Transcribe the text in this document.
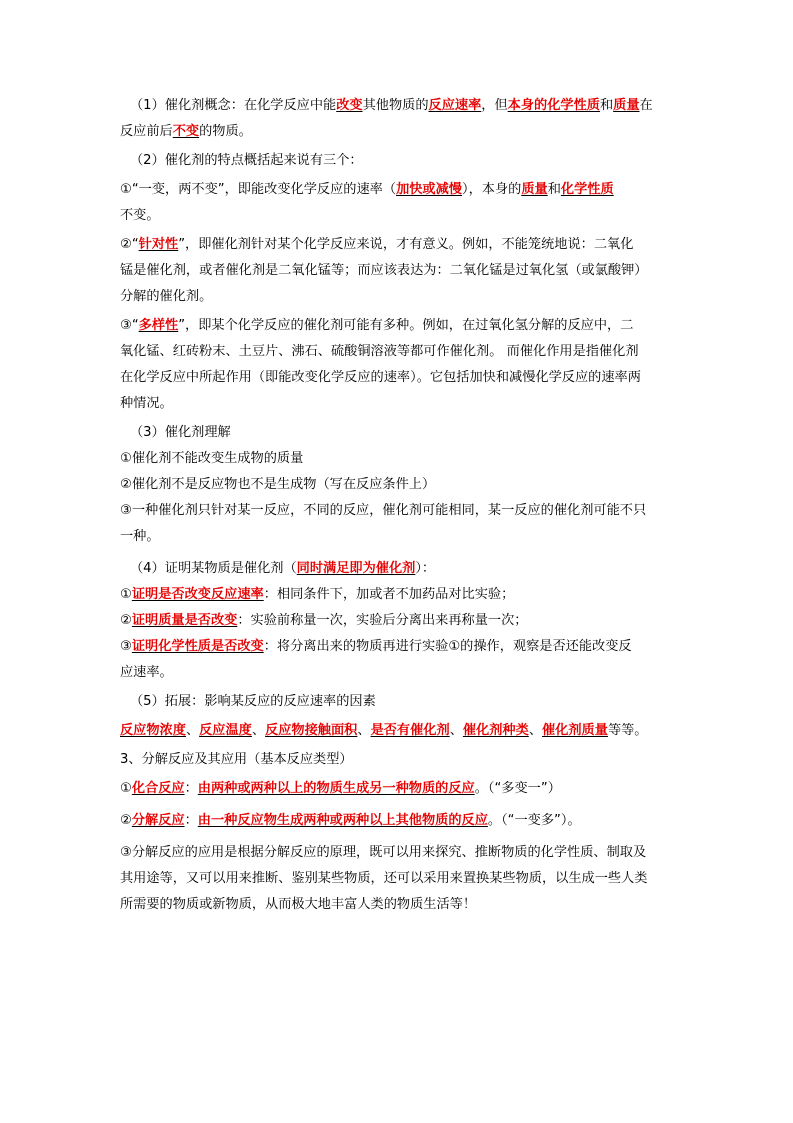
（1）催化剂概念：在化学反应中能改变其他物质的反应速率，但本身的化学性质和质量在
反应前后不变的物质。
（2）催化剂的特点概括起来说有三个：
①“一变，两不变”，即能改变化学反应的速率（加快或减慢），本身的质量和化学性质
不变。
②“针对性”，即催化剂针对某个化学反应来说，才有意义。例如，不能笼统地说：二氧化
锰是催化剂，或者催化剂是二氧化锰等；而应该表达为：二氧化锰是过氧化氢（或氯酸钾）
分解的催化剂。
③“多样性”，即某个化学反应的催化剂可能有多种。例如，在过氧化氢分解的反应中，二
氧化锰、红砖粉末、土豆片、沸石、硫酸铜溶液等都可作催化剂。 而催化作用是指催化剂
在化学反应中所起作用（即能改变化学反应的速率）。它包括加快和减慢化学反应的速率两
种情况。
（3）催化剂理解
①催化剂不能改变生成物的质量
②催化剂不是反应物也不是生成物（写在反应条件上）
③一种催化剂只针对某一反应，不同的反应，催化剂可能相同，某一反应的催化剂可能不只
一种。
（4）证明某物质是催化剂（同时满足即为催化剂）：
①证明是否改变反应速率：相同条件下，加或者不加药品对比实验；
②证明质量是否改变：实验前称量一次，实验后分离出来再称量一次；
③证明化学性质是否改变：将分离出来的物质再进行实验①的操作，观察是否还能改变反
应速率。
（5）拓展：影响某反应的反应速率的因素
反应物浓度、反应温度、反应物接触面积、是否有催化剂、催化剂种类、催化剂质量等等。
3、分解反应及其应用（基本反应类型）
①化合反应：由两种或两种以上的物质生成另一种物质的反应。（“多变一”）
②分解反应：由一种反应物生成两种或两种以上其他物质的反应。（“一变多”）。
③分解反应的应用是根据分解反应的原理，既可以用来探究、推断物质的化学性质、制取及
其用途等，又可以用来推断、鉴别某些物质，还可以采用来置换某些物质，以生成一些人类
所需要的物质或新物质，从而极大地丰富人类的物质生活等！
